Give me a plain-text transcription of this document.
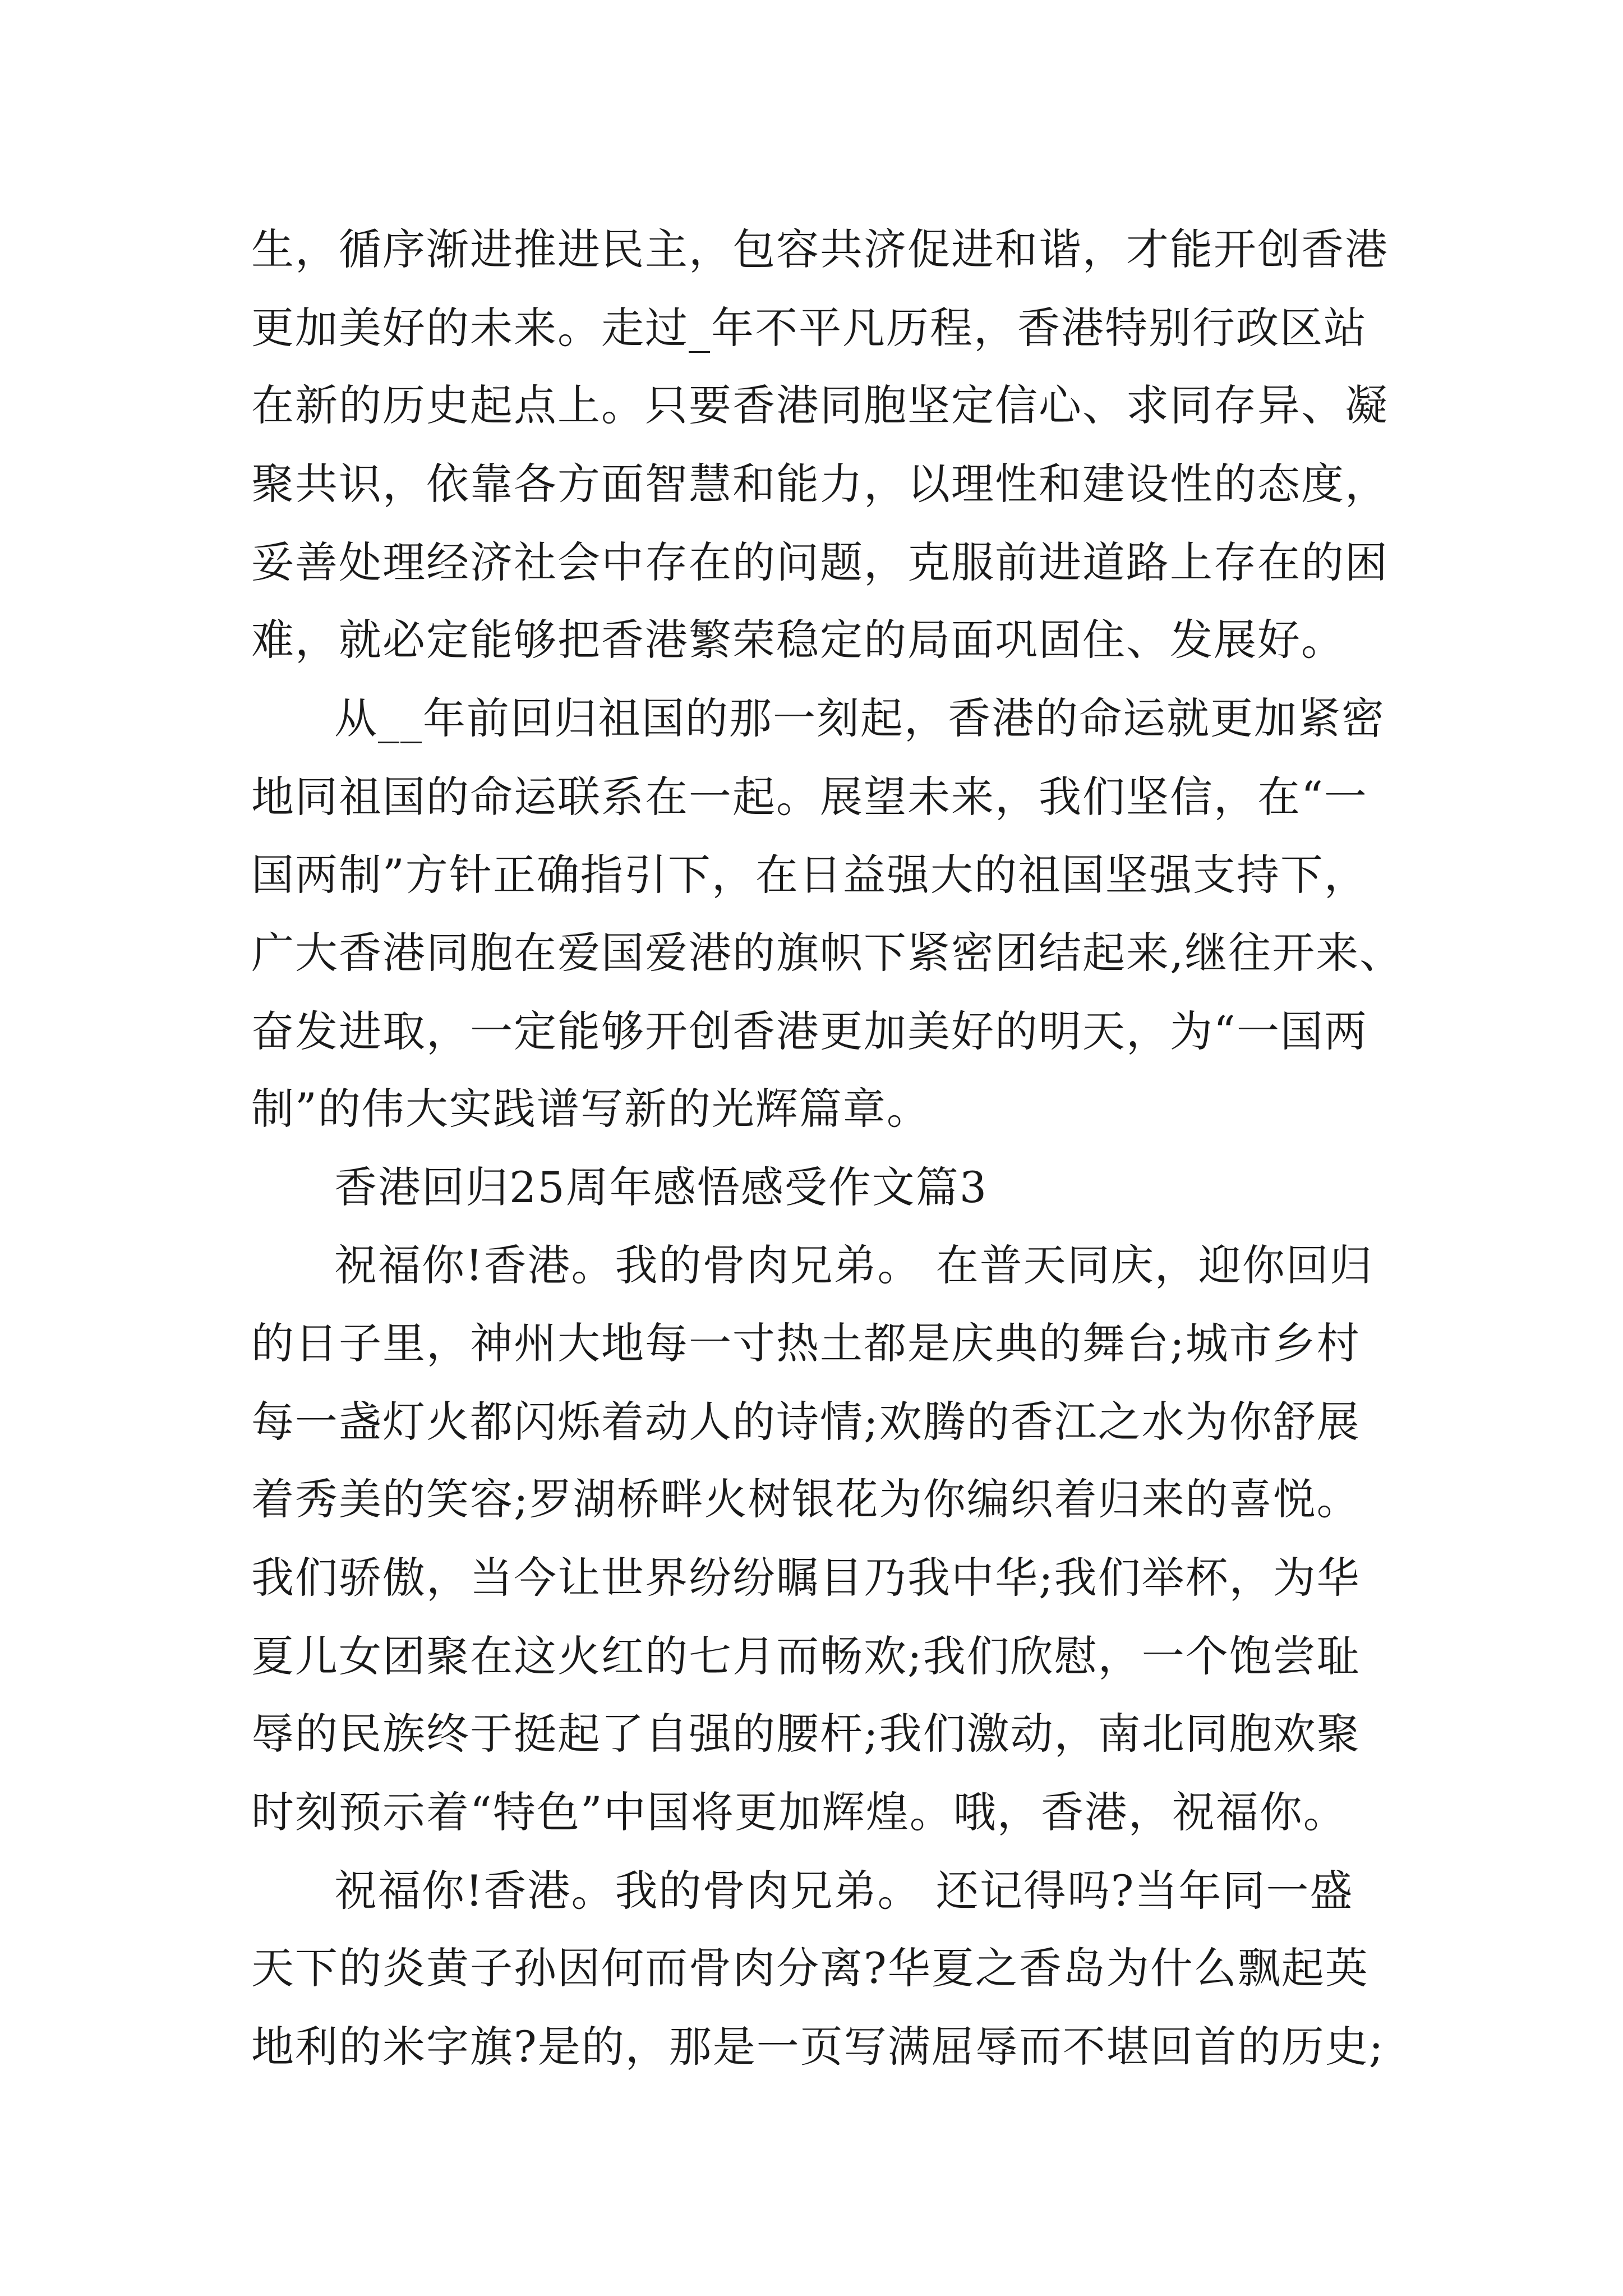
生，循序渐进推进民主，包容共济促进和谐，才能开创香港
更加美好的未来。走过_年不平凡历程，香港特别行政区站
在新的历史起点上。只要香港同胞坚定信心、求同存异、凝
聚共识，依靠各方面智慧和能力，以理性和建设性的态度，
妥善处理经济社会中存在的问题，克服前进道路上存在的困
难，就必定能够把香港繁荣稳定的局面巩固住、发展好。
从__年前回归祖国的那一刻起，香港的命运就更加紧密
地同祖国的命运联系在一起。展望未来，我们坚信，在“一
国两制”方针正确指引下，在日益强大的祖国坚强支持下，
广大香港同胞在爱国爱港的旗帜下紧密团结起来,继往开来、
奋发进取，一定能够开创香港更加美好的明天，为“一国两
制”的伟大实践谱写新的光辉篇章。
香港回归25周年感悟感受作文篇3
祝福你!香港。我的骨肉兄弟。 在普天同庆，迎你回归
的日子里，神州大地每一寸热土都是庆典的舞台;城市乡村
每一盏灯火都闪烁着动人的诗情;欢腾的香江之水为你舒展
着秀美的笑容;罗湖桥畔火树银花为你编织着归来的喜悦。
我们骄傲，当今让世界纷纷瞩目乃我中华;我们举杯，为华
夏儿女团聚在这火红的七月而畅欢;我们欣慰，一个饱尝耻
辱的民族终于挺起了自强的腰杆;我们激动，南北同胞欢聚
时刻预示着“特色”中国将更加辉煌。哦，香港，祝福你。
祝福你!香港。我的骨肉兄弟。 还记得吗?当年同一盛
天下的炎黄子孙因何而骨肉分离?华夏之香岛为什么飘起英
地利的米字旗?是的，那是一页写满屈辱而不堪回首的历史;
